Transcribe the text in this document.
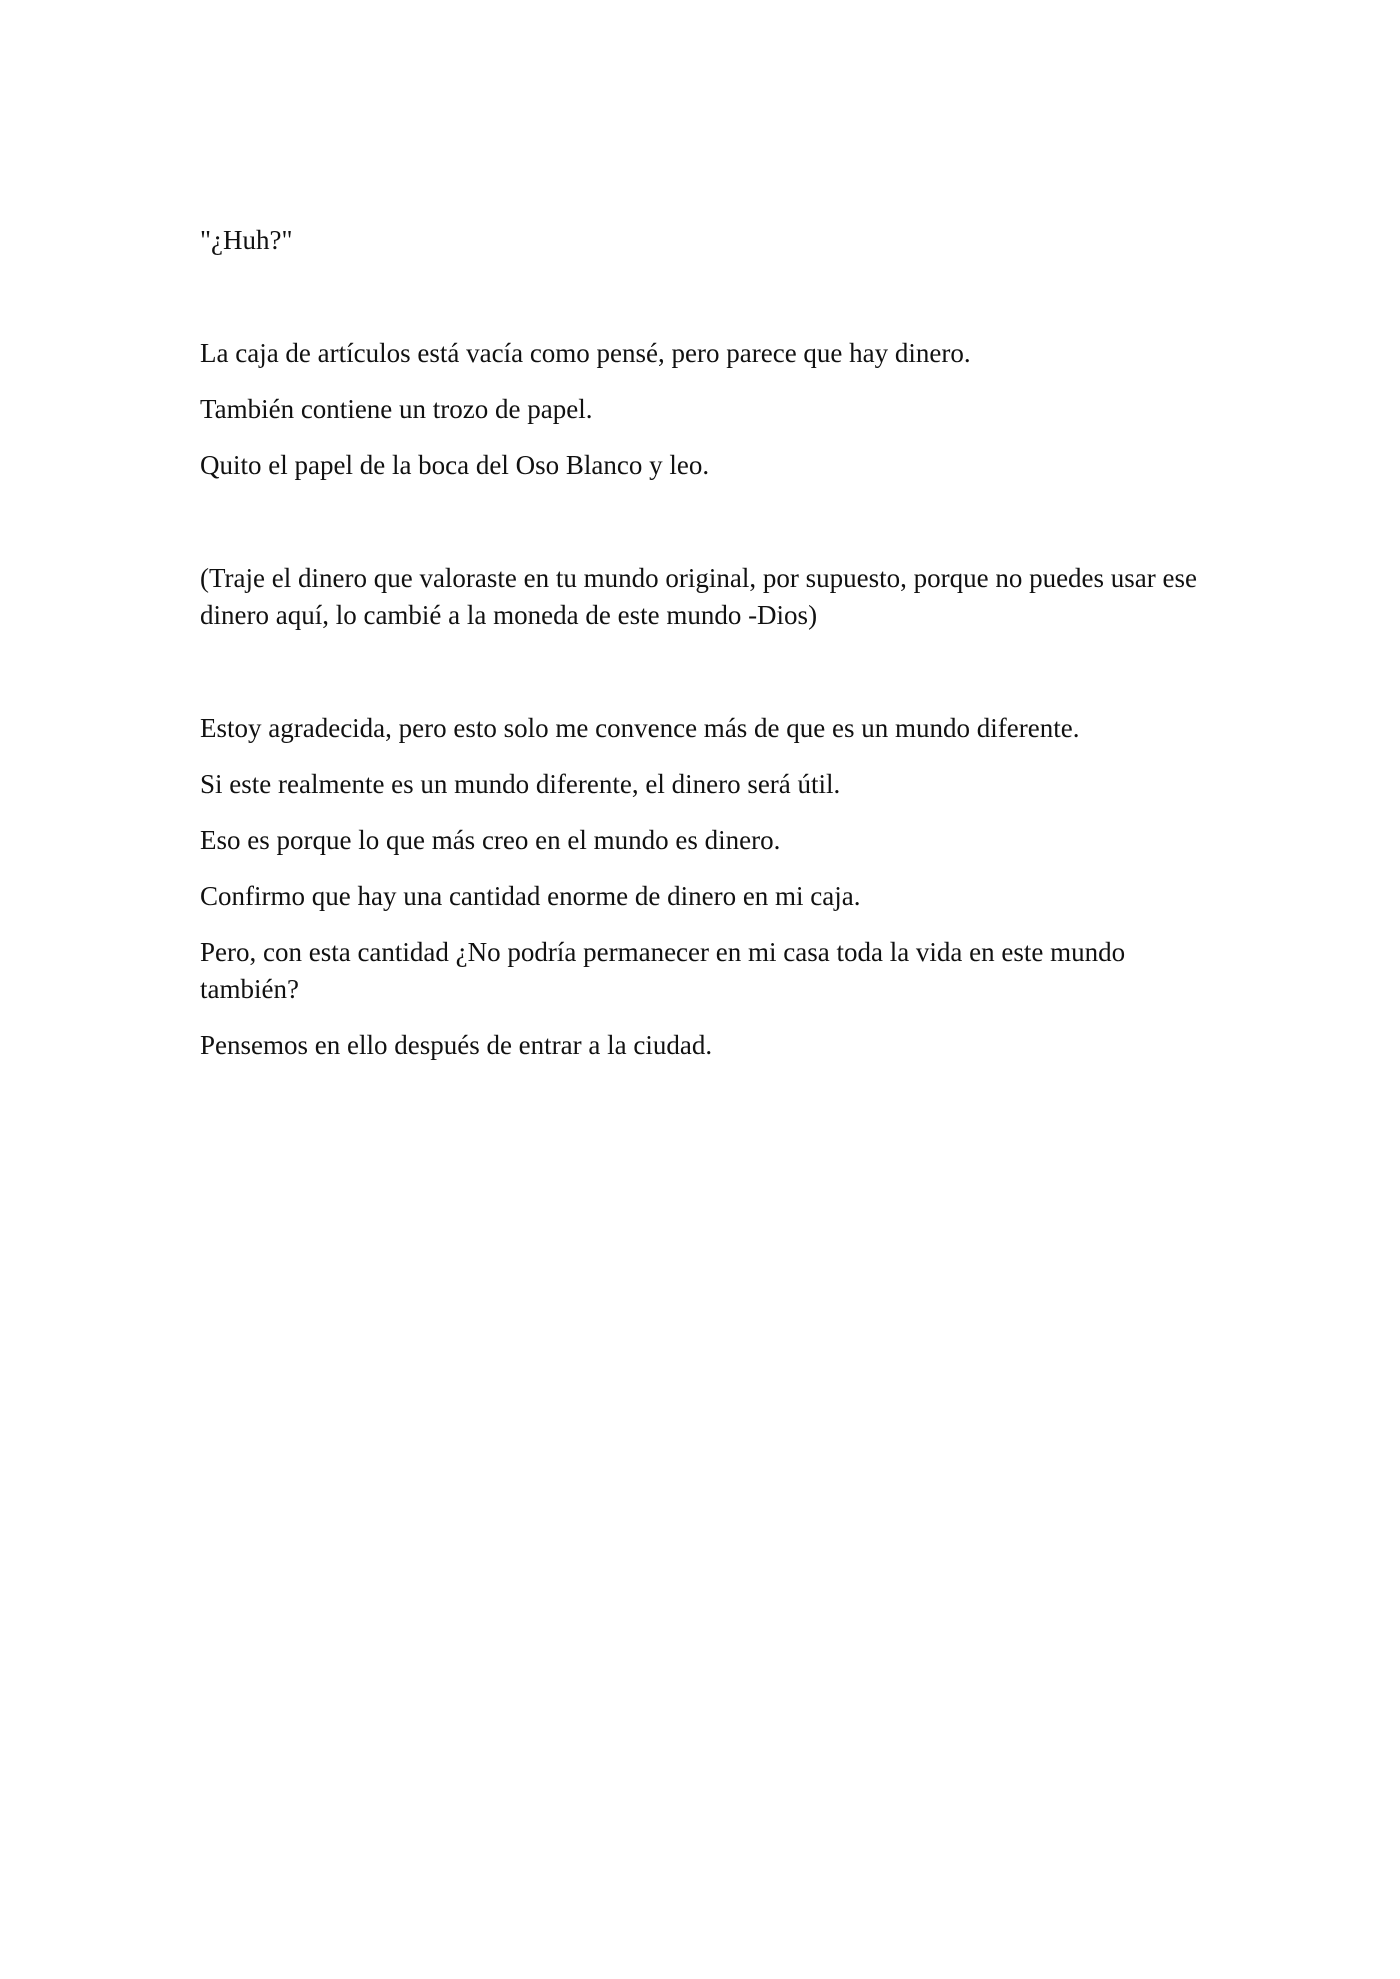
"¿Huh?"

La caja de artículos está vacía como pensé, pero parece que hay dinero.

También contiene un trozo de papel.

Quito el papel de la boca del Oso Blanco y leo.

(Traje el dinero que valoraste en tu mundo original, por supuesto, porque no puedes usar ese dinero aquí, lo cambié a la moneda de este mundo -Dios)

Estoy agradecida, pero esto solo me convence más de que es un mundo diferente.

Si este realmente es un mundo diferente, el dinero será útil.

Eso es porque lo que más creo en el mundo es dinero.

Confirmo que hay una cantidad enorme de dinero en mi caja.

Pero, con esta cantidad ¿No podría permanecer en mi casa toda la vida en este mundo también?

Pensemos en ello después de entrar a la ciudad.
